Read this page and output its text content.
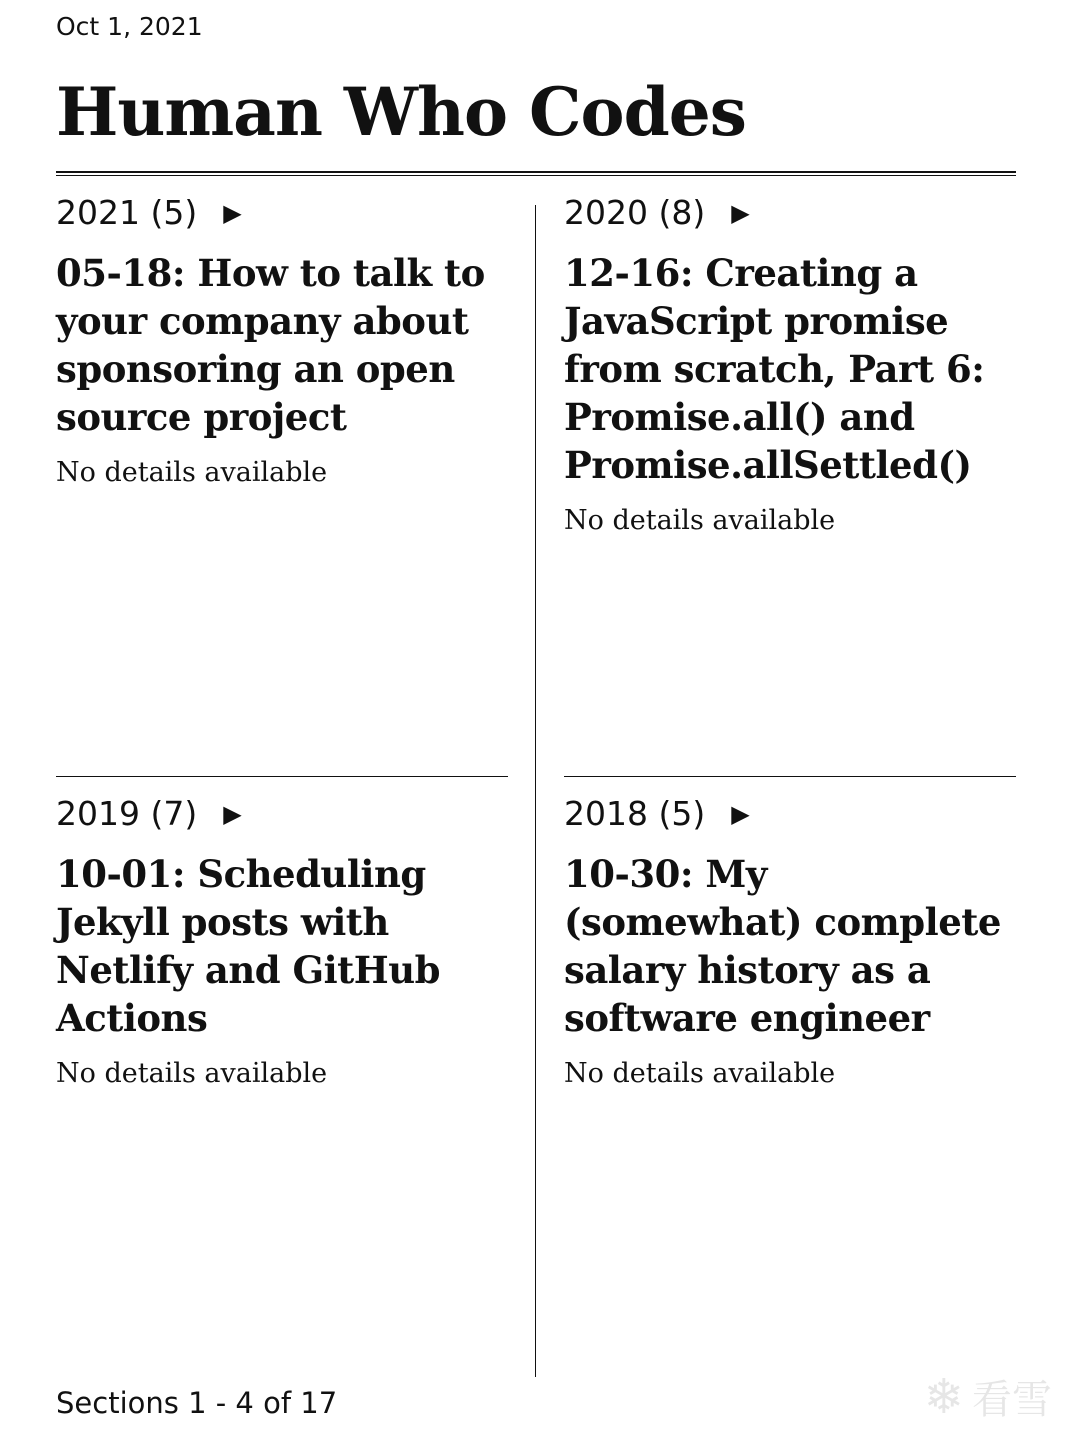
Oct 1, 2021
Human Who Codes
2021 (5) ▶
05-18: How to talk to your company about sponsoring an open source project
No details available
2020 (8) ▶
12-16: Creating a JavaScript promise from scratch, Part 6: Promise.all() and Promise.allSettled()
No details available
2019 (7) ▶
10-01: Scheduling Jekyll posts with Netlify and GitHub Actions
No details available
2018 (5) ▶
10-30: My (somewhat) complete salary history as a software engineer
No details available
Sections 1 - 4 of 17	❄ 看雪
